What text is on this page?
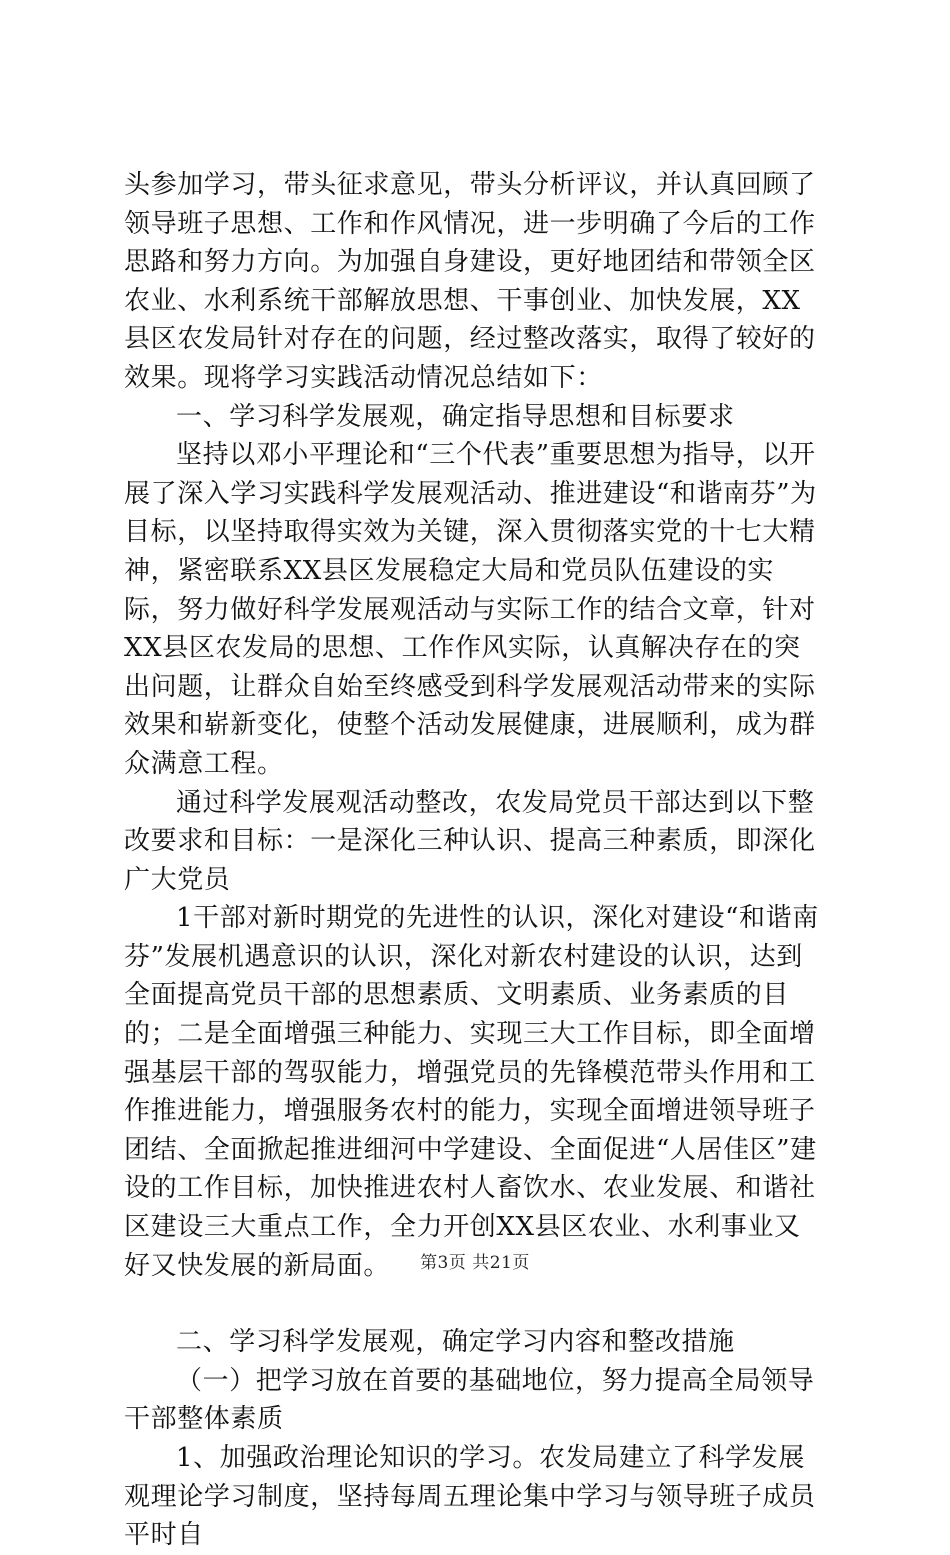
头参加学习，带头征求意见，带头分析评议，并认真回顾了领导班子思想、工作和作风情况，进一步明确了今后的工作思路和努力方向。为加强自身建设，更好地团结和带领全区农业、水利系统干部解放思想、干事创业、加快发展，XX县区农发局针对存在的问题，经过整改落实，取得了较好的效果。现将学习实践活动情况总结如下：

一、学习科学发展观，确定指导思想和目标要求

坚持以邓小平理论和“三个代表”重要思想为指导，以开展了深入学习实践科学发展观活动、推进建设“和谐南芬”为目标，以坚持取得实效为关键，深入贯彻落实党的十七大精神，紧密联系XX县区发展稳定大局和党员队伍建设的实际，努力做好科学发展观活动与实际工作的结合文章，针对XX县区农发局的思想、工作作风实际，认真解决存在的突出问题，让群众自始至终感受到科学发展观活动带来的实际效果和崭新变化，使整个活动发展健康，进展顺利，成为群众满意工程。

通过科学发展观活动整改，农发局党员干部达到以下整改要求和目标：一是深化三种认识、提高三种素质，即深化广大党员

1干部对新时期党的先进性的认识，深化对建设“和谐南芬”发展机遇意识的认识，深化对新农村建设的认识，达到全面提高党员干部的思想素质、文明素质、业务素质的目的；二是全面增强三种能力、实现三大工作目标，即全面增强基层干部的驾驭能力，增强党员的先锋模范带头作用和工作推进能力，增强服务农村的能力，实现全面增进领导班子团结、全面掀起推进细河中学建设、全面促进“人居佳区”建设的工作目标，加快推进农村人畜饮水、农业发展、和谐社区建设三大重点工作，全力开创XX县区农业、水利事业又好又快发展的新局面。

二、学习科学发展观，确定学习内容和整改措施

（一）把学习放在首要的基础地位，努力提高全局领导干部整体素质

1、加强政治理论知识的学习。农发局建立了科学发展观理论学习制度，坚持每周五理论集中学习与领导班子成员平时自

第3页 共21页
